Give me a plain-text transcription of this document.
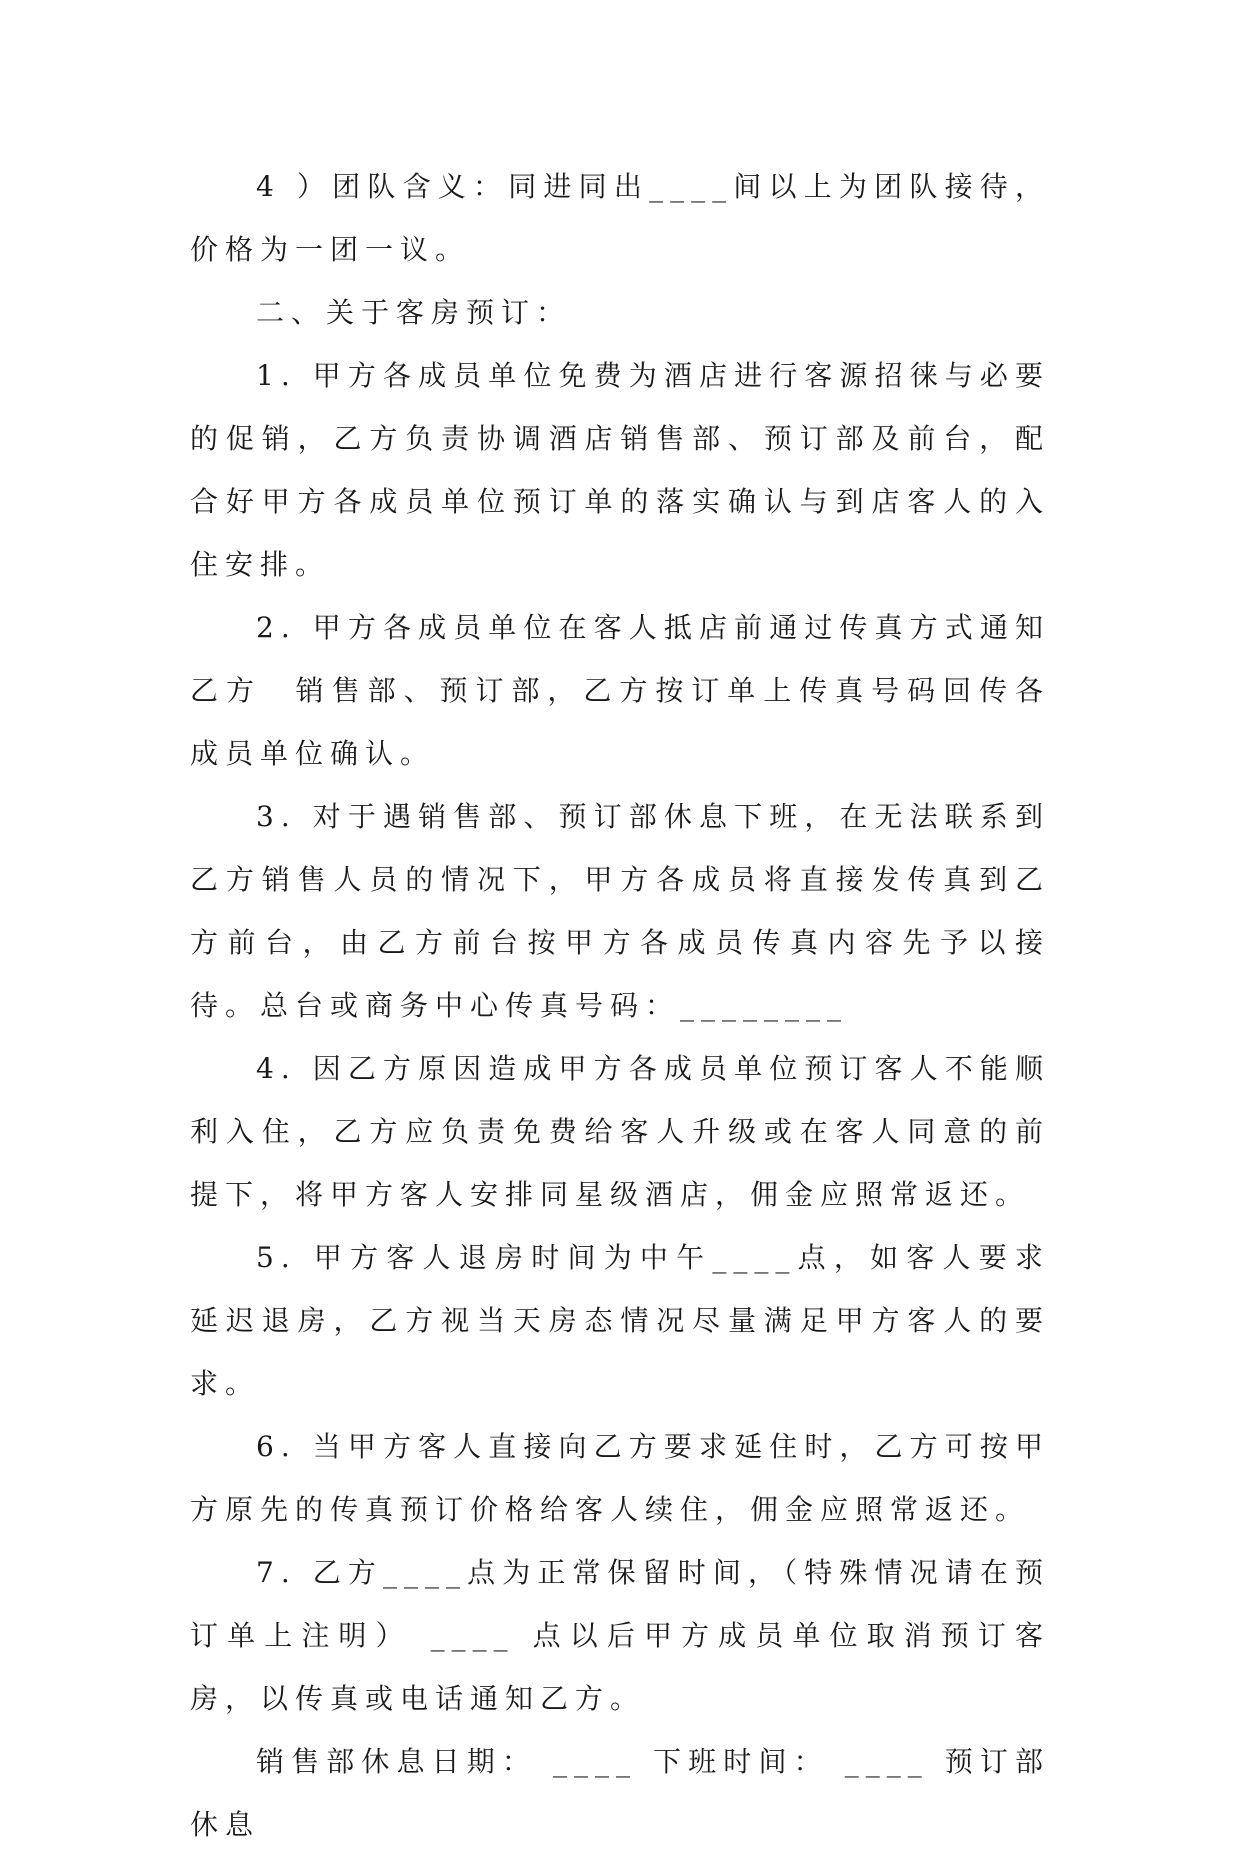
4 ）团队含义：同进同出____间以上为团队接待，价格为一团一议。

二、关于客房预订：

1. 甲方各成员单位免费为酒店进行客源招徕与必要的促销，乙方负责协调酒店销售部、预订部及前台，配合好甲方各成员单位预订单的落实确认与到店客人的入住安排。

2. 甲方各成员单位在客人抵店前通过传真方式通知乙方  销售部、预订部，乙方按订单上传真号码回传各成员单位确认。

3. 对于遇销售部、预订部休息下班，在无法联系到乙方销售人员的情况下，甲方各成员将直接发传真到乙方前台，由乙方前台按甲方各成员传真内容先予以接待。总台或商务中心传真号码：________

4. 因乙方原因造成甲方各成员单位预订客人不能顺利入住，乙方应负责免费给客人升级或在客人同意的前提下，将甲方客人安排同星级酒店，佣金应照常返还。

5. 甲方客人退房时间为中午____点，如客人要求延迟退房，乙方视当天房态情况尽量满足甲方客人的要求。

6. 当甲方客人直接向乙方要求延住时，乙方可按甲方原先的传真预订价格给客人续住，佣金应照常返还。

7. 乙方____点为正常保留时间，（特殊情况请在预订单上注明） ____ 点以后甲方成员单位取消预订客房，以传真或电话通知乙方。

销售部休息日期： ____ 下班时间： ____ 预订部休息
